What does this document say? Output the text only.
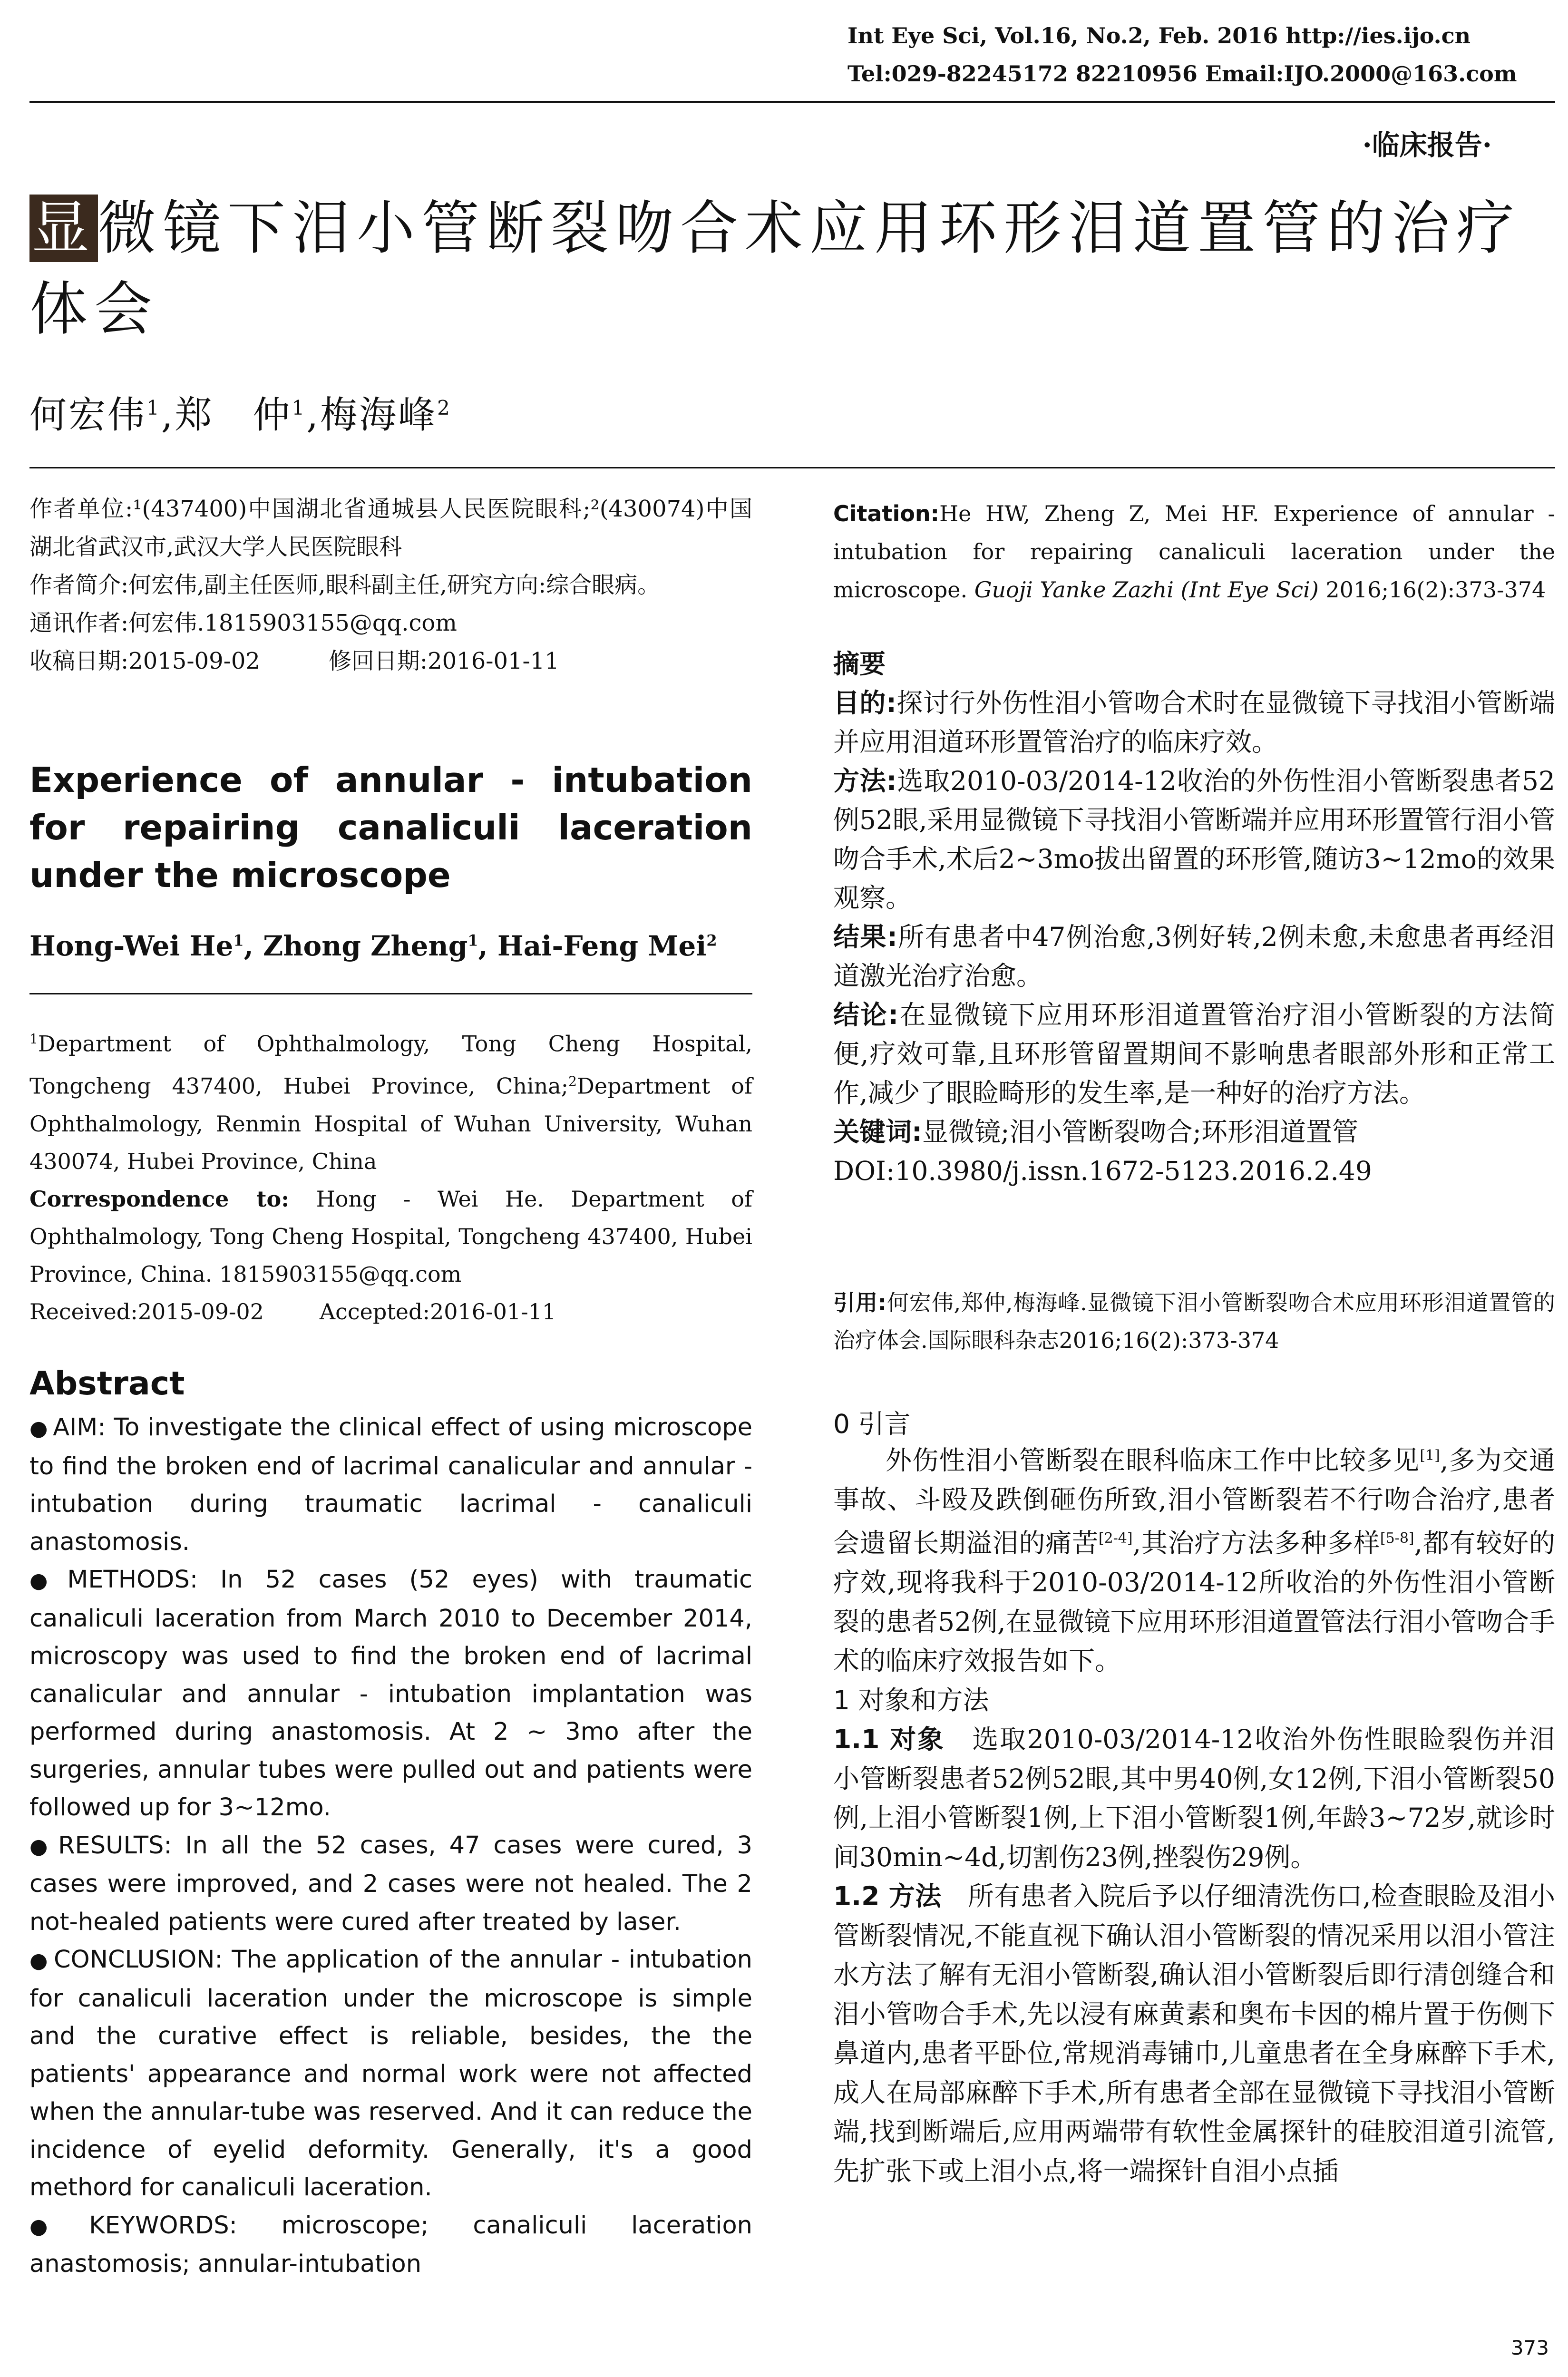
Int Eye Sci, Vol.16, No.2, Feb. 2016 http://ies.ijo.cn
Tel:029-82245172 82210956 Email:IJO.2000@163.com
·临床报告·
显微镜下泪小管断裂吻合术应用环形泪道置管的治疗体会
何宏伟$^1$,郑　仲$^1$,梅海峰$^2$
作者单位:¹(437400)中国湖北省通城县人民医院眼科;²(430074)中国湖北省武汉市,武汉大学人民医院眼科
作者简介:何宏伟,副主任医师,眼科副主任,研究方向:综合眼病。
通讯作者:何宏伟.1815903155@qq.com
收稿日期:2015-09-02　　　修回日期:2016-01-11
Experience of annular - intubation for repairing canaliculi laceration under the microscope
Hong-Wei He$^1$, Zhong Zheng$^1$, Hai-Feng Mei$^2$
$^1$Department of Ophthalmology, Tong Cheng Hospital, Tongcheng 437400, Hubei Province, China;$^2$Department of Ophthalmology, Renmin Hospital of Wuhan University, Wuhan 430074, Hubei Province, China
Correspondence to: Hong - Wei He. Department of Ophthalmology, Tong Cheng Hospital, Tongcheng 437400, Hubei Province, China. 1815903155@qq.com
Received:2015-09-02        Accepted:2016-01-11
Abstract

● AIM: To investigate the clinical effect of using microscope to find the broken end of lacrimal canalicular and annular - intubation during traumatic lacrimal - canaliculi anastomosis.

● METHODS: In 52 cases (52 eyes) with traumatic canaliculi laceration from March 2010 to December 2014, microscopy was used to find the broken end of lacrimal canalicular and annular - intubation implantation was performed during anastomosis. At 2 ~ 3mo after the surgeries, annular tubes were pulled out and patients were followed up for 3~12mo.

● RESULTS: In all the 52 cases, 47 cases were cured, 3 cases were improved, and 2 cases were not healed. The 2 not-healed patients were cured after treated by laser.

● CONCLUSION: The application of the annular - intubation for canaliculi laceration under the microscope is simple and the curative effect is reliable, besides, the the patients' appearance and normal work were not affected when the annular-tube was reserved. And it can reduce the incidence of eyelid deformity. Generally, it's a good methord for canaliculi laceration.

● KEYWORDS: microscope; canaliculi laceration anastomosis; annular-intubation

Citation:He HW, Zheng Z, Mei HF. Experience of annular - intubation for repairing canaliculi laceration under the microscope. Guoji Yanke Zazhi (Int Eye Sci) 2016;16(2):373-374

摘要

目的:探讨行外伤性泪小管吻合术时在显微镜下寻找泪小管断端并应用泪道环形置管治疗的临床疗效。

方法:选取2010-03/2014-12收治的外伤性泪小管断裂患者52例52眼,采用显微镜下寻找泪小管断端并应用环形置管行泪小管吻合手术,术后2~3mo拔出留置的环形管,随访3~12mo的效果观察。

结果:所有患者中47例治愈,3例好转,2例未愈,未愈患者再经泪道激光治疗治愈。

结论:在显微镜下应用环形泪道置管治疗泪小管断裂的方法简便,疗效可靠,且环形管留置期间不影响患者眼部外形和正常工作,减少了眼睑畸形的发生率,是一种好的治疗方法。

关键词:显微镜;泪小管断裂吻合;环形泪道置管

DOI:10.3980/j.issn.1672-5123.2016.2.49

引用:何宏伟,郑仲,梅海峰.显微镜下泪小管断裂吻合术应用环形泪道置管的治疗体会.国际眼科杂志2016;16(2):373-374
0 引言

外伤性泪小管断裂在眼科临床工作中比较多见[1],多为交通事故、斗殴及跌倒砸伤所致,泪小管断裂若不行吻合治疗,患者会遗留长期溢泪的痛苦[2-4],其治疗方法多种多样[5-8],都有较好的疗效,现将我科于2010-03/2014-12所收治的外伤性泪小管断裂的患者52例,在显微镜下应用环形泪道置管法行泪小管吻合手术的临床疗效报告如下。

1 对象和方法

1.1 对象　选取2010-03/2014-12收治外伤性眼睑裂伤并泪小管断裂患者52例52眼,其中男40例,女12例,下泪小管断裂50例,上泪小管断裂1例,上下泪小管断裂1例,年龄3~72岁,就诊时间30min~4d,切割伤23例,挫裂伤29例。

1.2 方法　所有患者入院后予以仔细清洗伤口,检查眼睑及泪小管断裂情况,不能直视下确认泪小管断裂的情况采用以泪小管注水方法了解有无泪小管断裂,确认泪小管断裂后即行清创缝合和泪小管吻合手术,先以浸有麻黄素和奥布卡因的棉片置于伤侧下鼻道内,患者平卧位,常规消毒铺巾,儿童患者在全身麻醉下手术,成人在局部麻醉下手术,所有患者全部在显微镜下寻找泪小管断端,找到断端后,应用两端带有软性金属探针的硅胶泪道引流管,先扩张下或上泪小点,将一端探针自泪小点插

373
